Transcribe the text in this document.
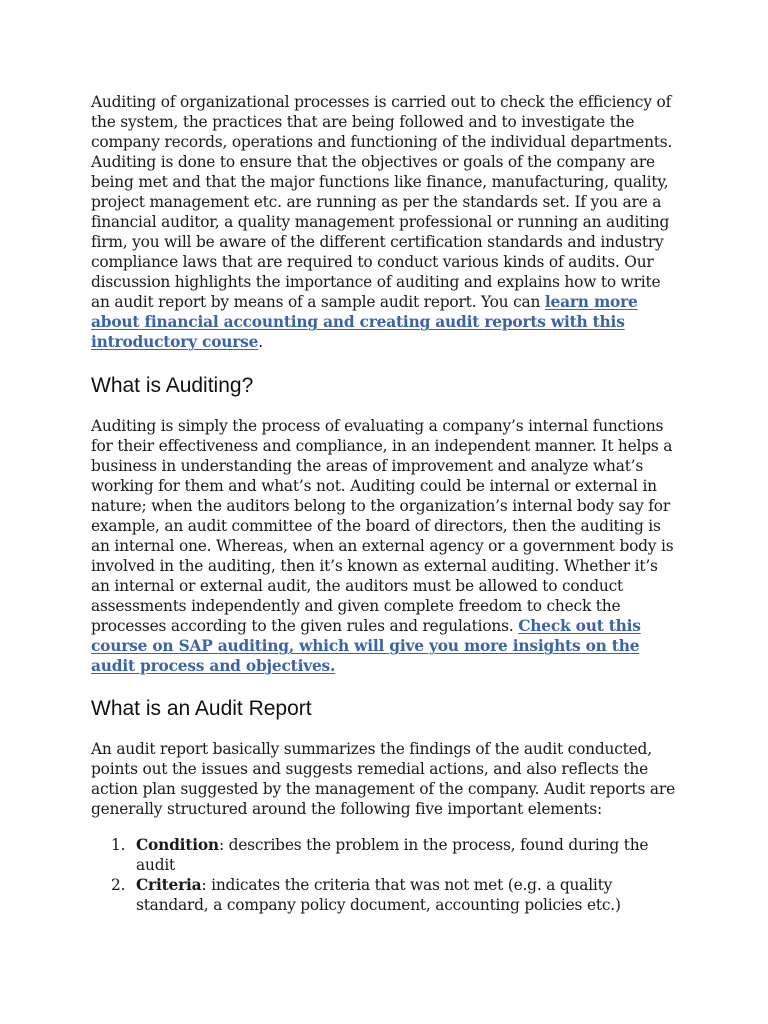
Auditing of organizational processes is carried out to check the efficiency of the system, the practices that are being followed and to investigate the company records, operations and functioning of the individual departments. Auditing is done to ensure that the objectives or goals of the company are being met and that the major functions like finance, manufacturing, quality, project management etc. are running as per the standards set. If you are a financial auditor, a quality management professional or running an auditing firm, you will be aware of the different certification standards and industry compliance laws that are required to conduct various kinds of audits. Our discussion highlights the importance of auditing and explains how to write an audit report by means of a sample audit report. You can learn more about financial accounting and creating audit reports with this introductory course.

What is Auditing?

Auditing is simply the process of evaluating a company’s internal functions for their effectiveness and compliance, in an independent manner. It helps a business in understanding the areas of improvement and analyze what’s working for them and what’s not. Auditing could be internal or external in nature; when the auditors belong to the organization’s internal body say for example, an audit committee of the board of directors, then the auditing is an internal one. Whereas, when an external agency or a government body is involved in the auditing, then it’s known as external auditing. Whether it’s an internal or external audit, the auditors must be allowed to conduct assessments independently and given complete freedom to check the processes according to the given rules and regulations. Check out this course on SAP auditing, which will give you more insights on the audit process and objectives.

What is an Audit Report

An audit report basically summarizes the findings of the audit conducted, points out the issues and suggests remedial actions, and also reflects the action plan suggested by the management of the company. Audit reports are generally structured around the following five important elements:

1. Condition: describes the problem in the process, found during the audit
2. Criteria: indicates the criteria that was not met (e.g. a quality standard, a company policy document, accounting policies etc.)
